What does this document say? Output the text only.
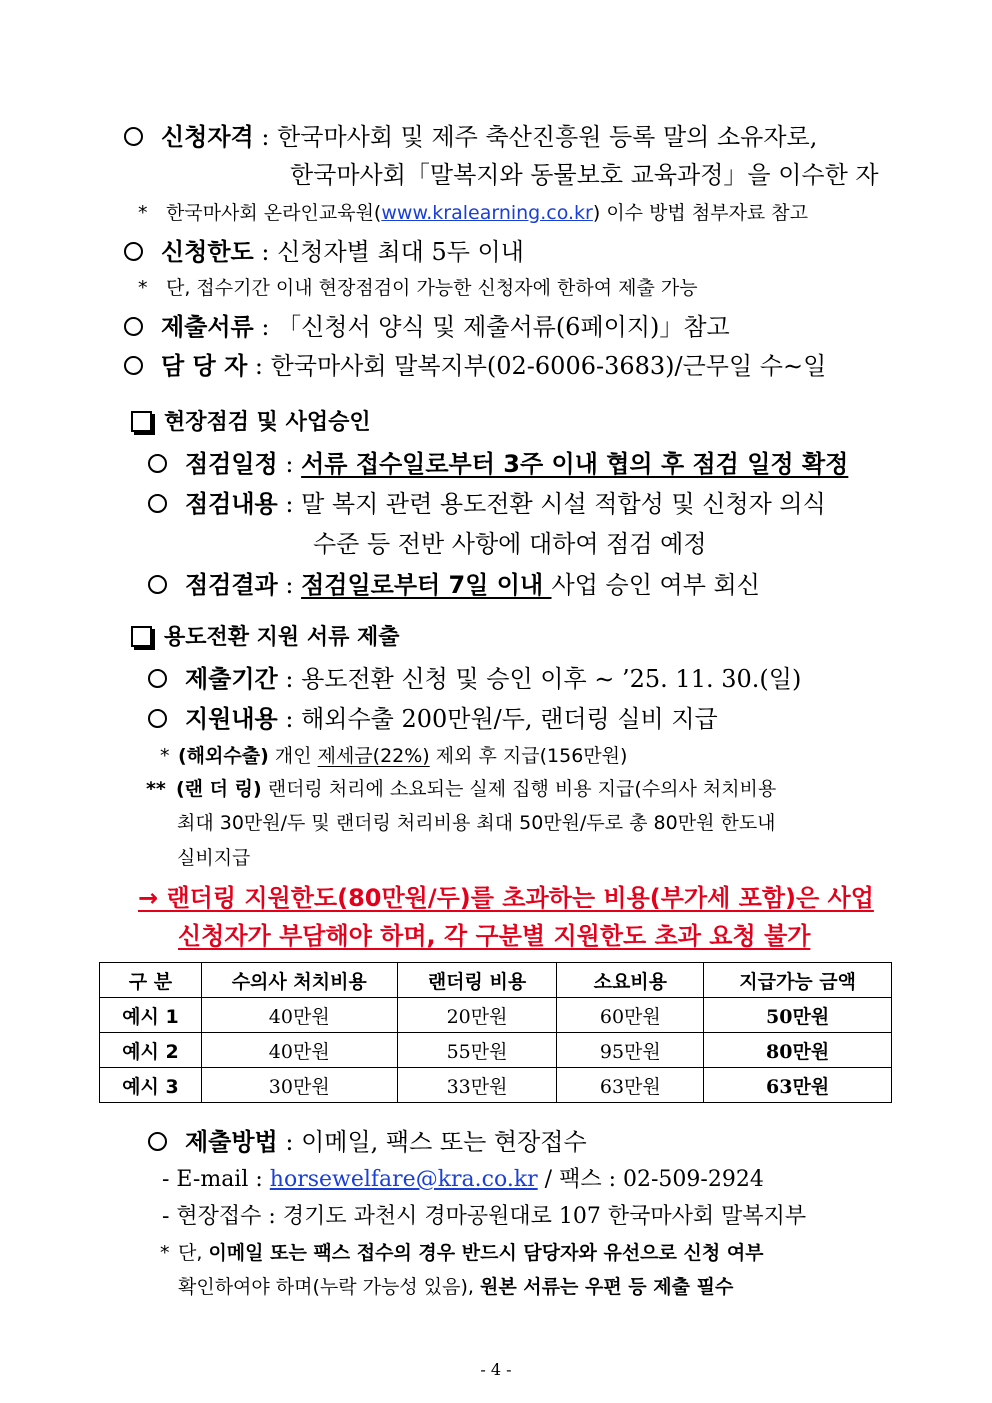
신청자격 : 한국마사회 및 제주 축산진흥원 등록 말의 소유자로,
한국마사회「말복지와 동물보호 교육과정」을 이수한 자
* 한국마사회 온라인교육원(www.kralearning.co.kr) 이수 방법 첨부자료 참고
신청한도 : 신청자별 최대 5두 이내
* 단, 접수기간 이내 현장점검이 가능한 신청자에 한하여 제출 가능
제출서류 : 「신청서 양식 및 제출서류(6페이지)」참고
담 당 자 : 한국마사회 말복지부(02-6006-3683)/근무일 수∼일
현장점검 및 사업승인
점검일정 : 서류 접수일로부터 3주 이내 협의 후 점검 일정 확정
점검내용 : 말 복지 관련 용도전환 시설 적합성 및 신청자 의식
수준 등 전반 사항에 대하여 점검 예정
점검결과 : 점검일로부터 7일 이내 사업 승인 여부 회신
용도전환 지원 서류 제출
제출기간 : 용도전환 신청 및 승인 이후 ∼ ’25. 11. 30.(일)
지원내용 : 해외수출 200만원/두, 랜더링 실비 지급
* (해외수출) 개인 제세금(22%) 제외 후 지급(156만원)
** (랜 더 링) 랜더링 처리에 소요되는 실제 집행 비용 지급(수의사 처치비용
최대 30만원/두 및 랜더링 처리비용 최대 50만원/두로 총 80만원 한도내
실비지급
→ 랜더링 지원한도(80만원/두)를 초과하는 비용(부가세 포함)은 사업
신청자가 부담해야 하며, 각 구분별 지원한도 초과 요청 불가
구 분	수의사 처치비용	랜더링 비용	소요비용	지급가능 금액
예시 1	40만원	20만원	60만원	50만원
예시 2	40만원	55만원	95만원	80만원
예시 3	30만원	33만원	63만원	63만원
제출방법 : 이메일, 팩스 또는 현장접수
- E-mail : horsewelfare@kra.co.kr / 팩스 : 02-509-2924
- 현장접수 : 경기도 과천시 경마공원대로 107 한국마사회 말복지부
* 단, 이메일 또는 팩스 접수의 경우 반드시 담당자와 유선으로 신청 여부
확인하여야 하며(누락 가능성 있음), 원본 서류는 우편 등 제출 필수
- 4 -
